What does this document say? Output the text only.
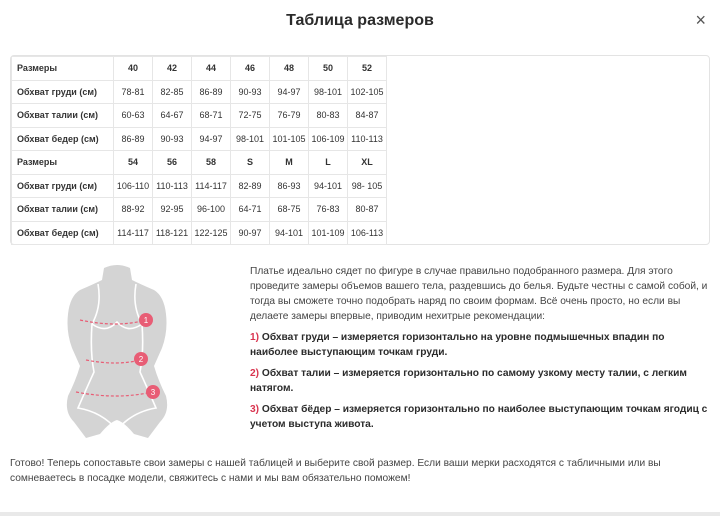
Таблица размеров	×
Размеры	40	42	44	46	48	50	52
Обхват груди (см)	78-81	82-85	86-89	90-93	94-97	98-101	102-105
Обхват талии (см)	60-63	64-67	68-71	72-75	76-79	80-83	84-87
Обхват бедер (см)	86-89	90-93	94-97	98-101	101-105	106-109	110-113
Размеры	54	56	58	S	M	L	XL
Обхват груди (см)	106-110	110-113	114-117	82-89	86-93	94-101	98- 105
Обхват талии (см)	88-92	92-95	96-100	64-71	68-75	76-83	80-87
Обхват бедер (см)	114-117	118-121	122-125	90-97	94-101	101-109	106-113
1
2
3

Платье идеально сядет по фигуре в случае правильно подобранного размера. Для этого проведите замеры объемов вашего тела, раздевшись до белья. Будьте честны с самой собой, и тогда вы сможете точно подобрать наряд по своим формам. Всё очень просто, но если вы делаете замеры впервые, приводим нехитрые рекомендации:

1) Обхват груди – измеряется горизонтально на уровне подмышечных впадин по наиболее выступающим точкам груди.

2) Обхват талии – измеряется горизонтально по самому узкому месту талии, с легким натягом.

3) Обхват бёдер – измеряется горизонтально по наиболее выступающим точкам ягодиц с учетом выступа живота.

Готово! Теперь сопоставьте свои замеры с нашей таблицей и выберите свой размер. Если ваши мерки расходятся с табличными или вы сомневаетесь в посадке модели, свяжитесь с нами и мы вам обязательно поможем!
